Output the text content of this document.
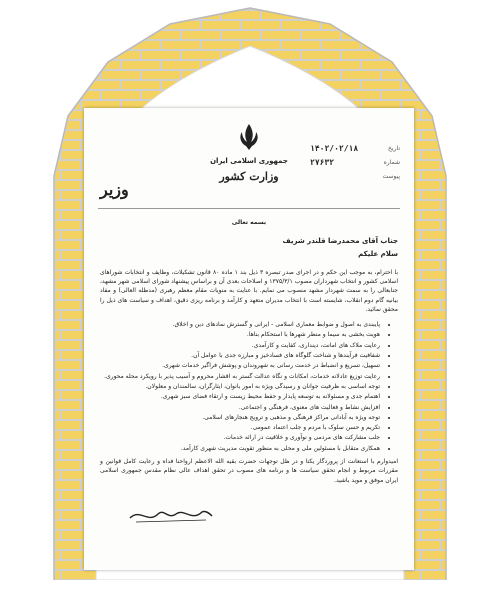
جمهوری اسلامی ایران
وزارت کشور
وزیر
تاریخ
۱۴۰۲/۰۲/۱۸
شماره
۲۷۶۳۲
پیوست
بسمه تعالی

جناب آقای محمدرضا قلندر شریف

سلام علیکم

با احترام، به موجب این حکم و در اجرای صدر تبصره ۳ ذیل بند ۱ ماده ۸۰ قانون تشکیلات، وظایف و انتخابات شوراهای اسلامی کشور و انتخاب شهرداران مصوب ۱۳۷۵/۳/۱ و اصلاحات بعدی آن و براساس پیشنهاد شورای اسلامی شهر مشهد، جنابعالی را به سمت شهردار مشهد منصوب می نمایم. با عنایت به منویات مقام معظم رهبری (مدظله العالی) و مفاد بیانیه گام دوم انقلاب، شایسته است با انتخاب مدیران متعهد و کارآمد و برنامه ریزی دقیق، اهداف و سیاست های ذیل را محقق نمائید.

• پایبندی به اصول و ضوابط معماری اسلامی - ایرانی و گسترش نمادهای دین و اخلاق.
• هویت بخشی به سیما و منظر شهرها با استحکام بناها.
• رعایت ملاک های امانت، دینداری، کفایت و کارآمدی.
• شفافیت فرآیندها و شناخت گلوگاه های فسادخیز و مبارزه جدی با عوامل آن.
• تسهیل، تسریع و انضباط در خدمت رسانی به شهروندان و پوشش فراگیر خدمات شهری.
• رعایت توزیع عادلانه خدمات، امکانات و نگاه عدالت گستر به اقشار محروم و آسیب پذیر با رویکرد محله محوری.
• توجه اساسی به ظرفیت جوانان و رسیدگی ویژه به امور بانوان، ایثارگران، سالمندان و معلولان.
• اهتمام جدی و مسئولانه به توسعه پایدار و حفظ محیط زیست و ارتقاء فضای سبز شهری.
• افزایش نشاط و فعالیت های معنوی، فرهنگی و اجتماعی.
• توجه ویژه به آبادانی مراکز فرهنگی و مذهبی و ترویج هنجارهای اسلامی.
• تکریم و حسن سلوک با مردم و جلب اعتماد عمومی.
• جلب مشارکت های مردمی و نوآوری و خلاقیت در ارائه خدمات.
• همکاری متقابل با مسئولین ملی و محلی به منظور تقویت مدیریت شهری کارآمد.

امیدوارم با استعانت از پروردگار یکتا و در ظل توجهات حضرت بقیه الله الاعظم ارواحنا فداه و رعایت کامل قوانین و مقررات مربوط و انجام تحقق سیاست ها و برنامه های مصوب در تحقق اهداف عالی نظام مقدس جمهوری اسلامی ایران موفق و موید باشید.
